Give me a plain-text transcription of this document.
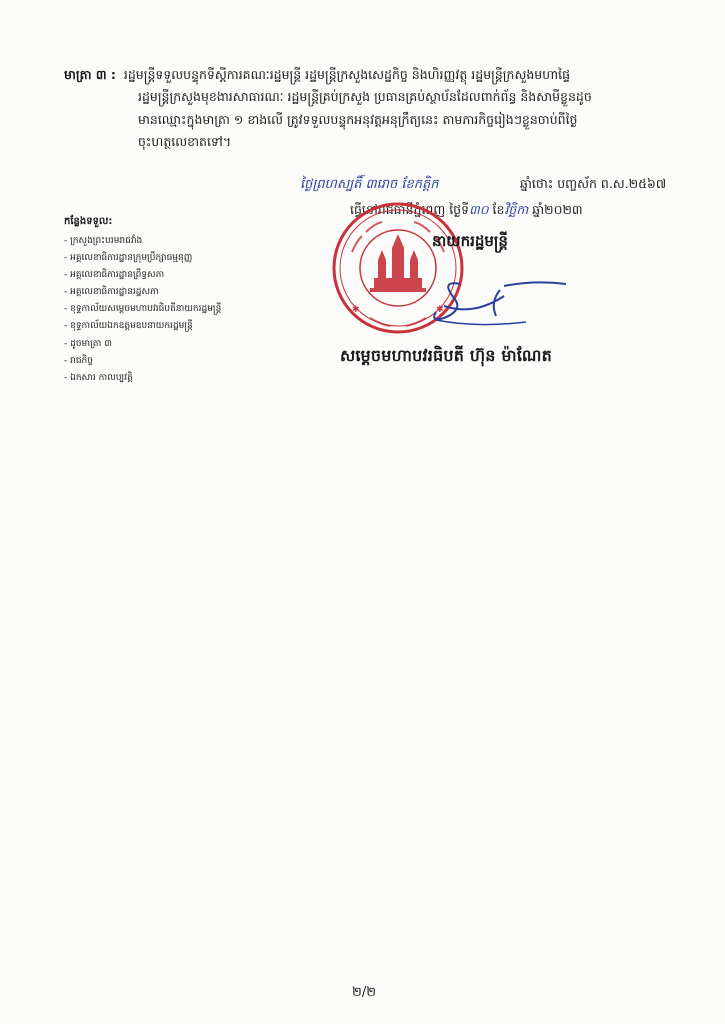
មាត្រា ៣ : រដ្ឋមន្ត្រីទទួលបន្ទុកទីស្តីការគណៈរដ្ឋមន្ត្រី រដ្ឋមន្ត្រីក្រសួងសេដ្ឋកិច្ច និងហិរញ្ញវត្ថុ រដ្ឋមន្ត្រីក្រសួងមហាផ្ទៃ
រដ្ឋមន្ត្រីក្រសួងមុខងារសាធារណៈ រដ្ឋមន្ត្រីគ្រប់ក្រសួង ប្រធានគ្រប់ស្ថាប័នដែលពាក់ព័ន្ធ និងសាមីខ្លួនដូច
មានឈ្មោះក្នុងមាត្រា ១ ខាងលើ ត្រូវទទួលបន្ទុកអនុវត្តអនុក្រឹត្យនេះ តាមភារកិច្ចរៀងៗខ្លួនចាប់ពីថ្ងៃ
ចុះហត្ថលេខាតទៅ។
ថ្ងៃព្រហស្បតិ៍ ៣រោច ខែកត្តិក	ឆ្នាំថោះ បញ្ចស័ក ព.ស.២៥៦៧
ធ្វើនៅរាជធានីភ្នំពេញ ថ្ងៃទី៣០ ខែវិច្ឆិកា ឆ្នាំ២០២៣
កន្លែងទទួល:
- ក្រសួងព្រះបរមរាជវាំង
- អគ្គលេខាធិការដ្ឋានក្រុមប្រឹក្សាធម្មនុញ្ញ
- អគ្គលេខាធិការដ្ឋានព្រឹទ្ធសភា
- អគ្គលេខាធិការដ្ឋានរដ្ឋសភា
- ខុទ្ទកាល័យសម្តេចមហាបវរធិបតីនាយករដ្ឋមន្ត្រី
- ខុទ្ទកាល័យឯកឧត្តមឧបនាយករដ្ឋមន្ត្រី
- ដូចមាត្រា ៣
- រាជកិច្ច
- ឯកសារ កាលប្បវត្តិ
✱	✱
នាយករដ្ឋមន្ត្រី
សម្តេចមហាបវរធិបតី ហ៊ុន ម៉ាណែត
២/២
